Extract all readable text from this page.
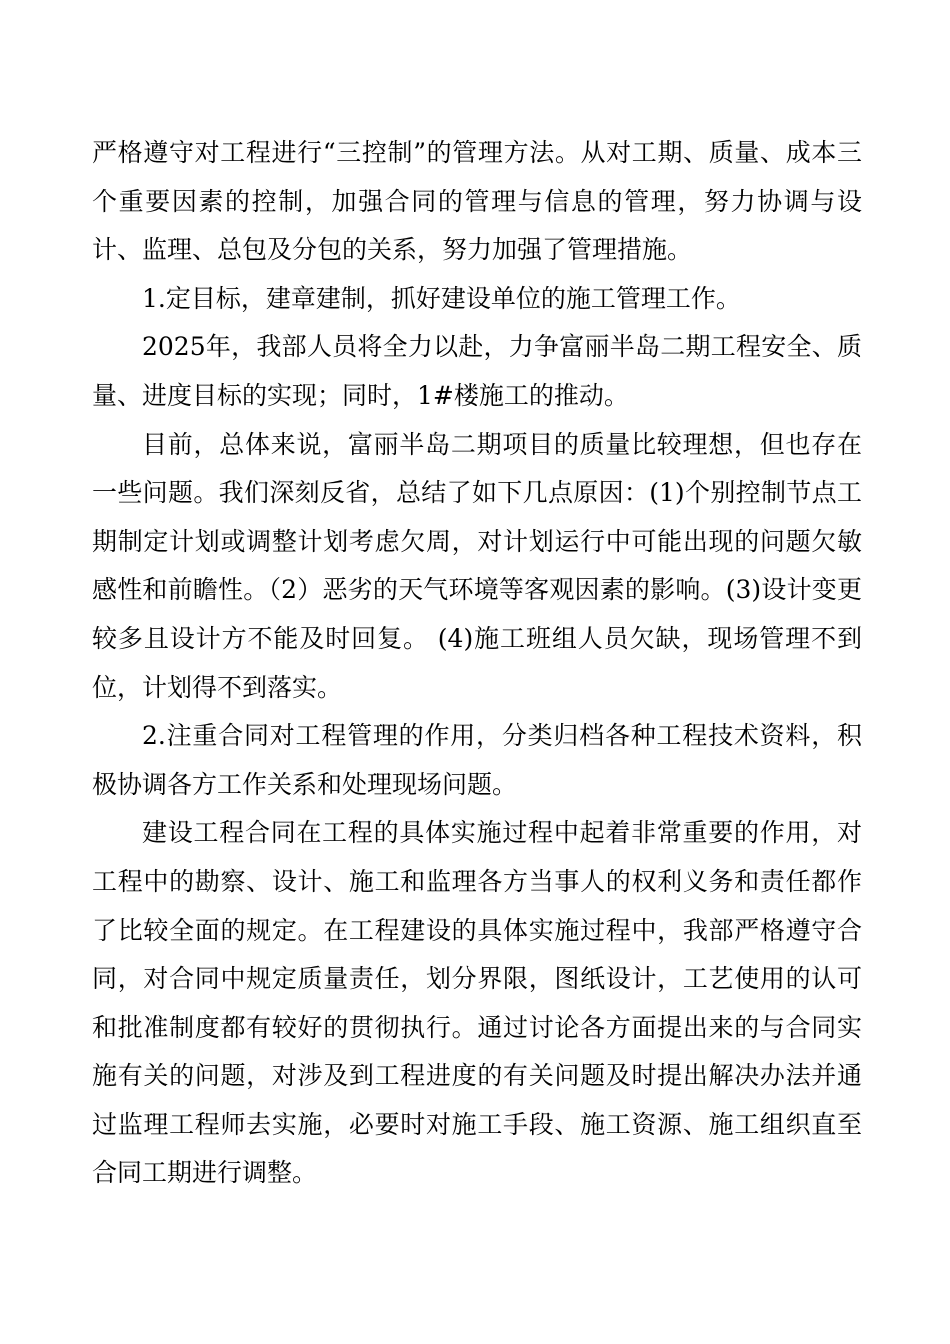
严格遵守对工程进行“三控制”的管理方法。从对工期、质量、成本三个重要因素的控制，加强合同的管理与信息的管理，努力协调与设计、监理、总包及分包的关系，努力加强了管理措施。

1.定目标，建章建制，抓好建设单位的施工管理工作。

2025年，我部人员将全力以赴，力争富丽半岛二期工程安全、质量、进度目标的实现；同时，1#楼施工的推动。

目前，总体来说，富丽半岛二期项目的质量比较理想，但也存在一些问题。我们深刻反省，总结了如下几点原因：(1)个别控制节点工期制定计划或调整计划考虑欠周，对计划运行中可能出现的问题欠敏感性和前瞻性。（2）恶劣的天气环境等客观因素的影响。(3)设计变更较多且设计方不能及时回复。 (4)施工班组人员欠缺，现场管理不到位，计划得不到落实。

2.注重合同对工程管理的作用，分类归档各种工程技术资料，积极协调各方工作关系和处理现场问题。

建设工程合同在工程的具体实施过程中起着非常重要的作用，对工程中的勘察、设计、施工和监理各方当事人的权利义务和责任都作了比较全面的规定。在工程建设的具体实施过程中，我部严格遵守合同，对合同中规定质量责任，划分界限，图纸设计，工艺使用的认可和批准制度都有较好的贯彻执行。通过讨论各方面提出来的与合同实施有关的问题，对涉及到工程进度的有关问题及时提出解决办法并通过监理工程师去实施，必要时对施工手段、施工资源、施工组织直至合同工期进行调整。
